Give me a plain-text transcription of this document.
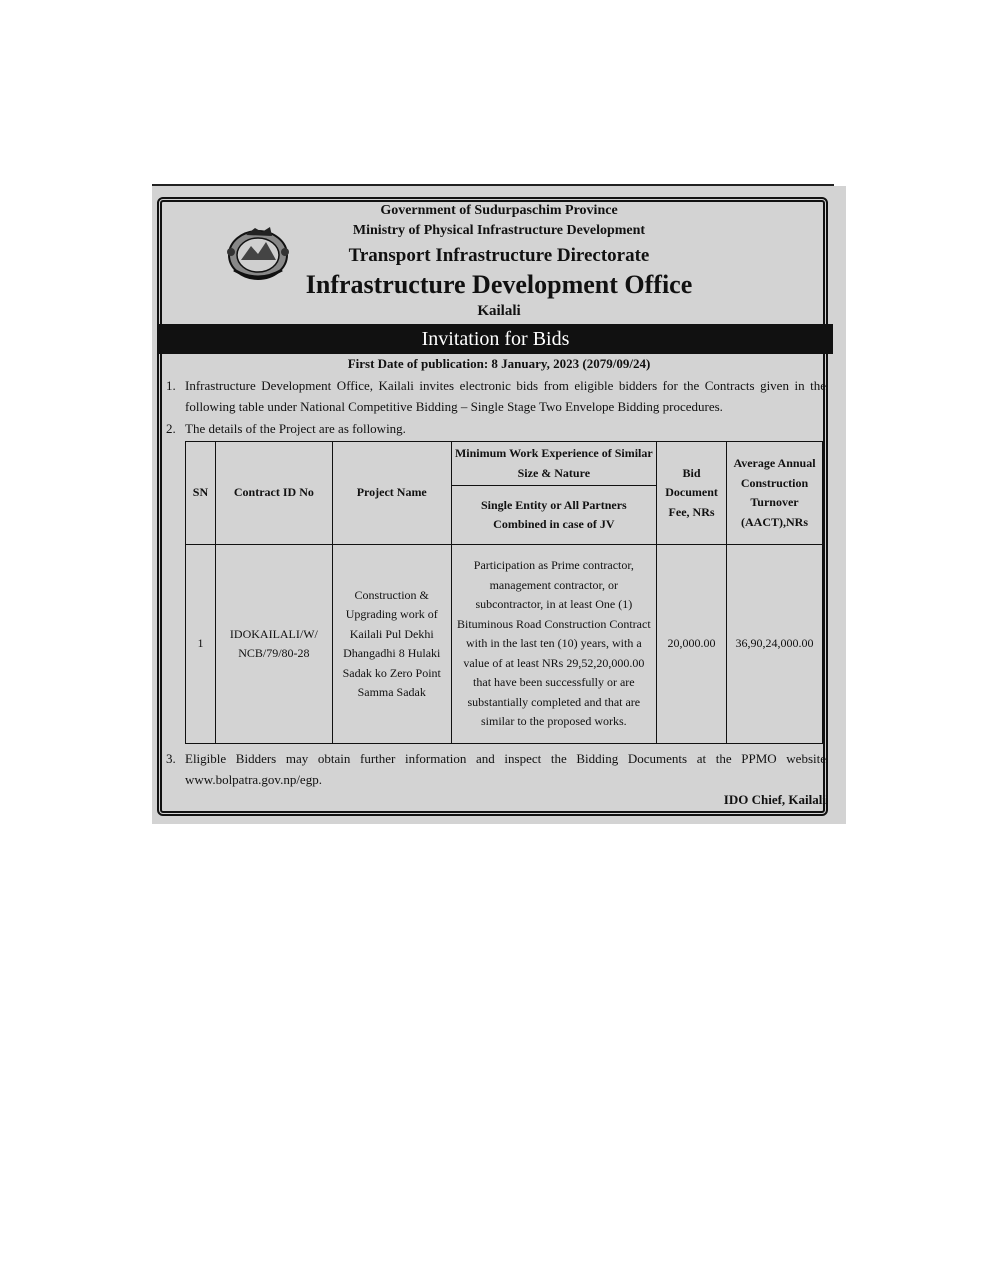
Government of Sudurpaschim Province
Ministry of Physical Infrastructure Development
Transport Infrastructure Directorate
Infrastructure Development Office
Kailali
Invitation for Bids
First Date of publication: 8 January, 2023 (2079/09/24)
1. Infrastructure Development Office, Kailali invites electronic bids from eligible bidders for the Contracts given in the following table under National Competitive Bidding – Single Stage Two Envelope Bidding procedures.
2. The details of the Project are as following.
SN	Contract ID No	Project Name	Minimum Work Experience of Similar Size & Nature	Bid Document Fee, NRs	Average Annual Construction Turnover (AACT),NRs
			Single Entity or All Partners Combined in case of JV		
1	IDOKAILALI/W/ NCB/79/80-28	Construction & Upgrading work of Kailali Pul Dekhi Dhangadhi 8 Hulaki Sadak ko Zero Point Samma Sadak	Participation as Prime contractor, management contractor, or subcontractor, in at least One (1) Bituminous Road Construction Contract with in the last ten (10) years, with a value of at least NRs 29,52,20,000.00 that have been successfully or are substantially completed and that are similar to the proposed works.	20,000.00	36,90,24,000.00
3. Eligible Bidders may obtain further information and inspect the Bidding Documents at the PPMO website www.bolpatra.gov.np/egp.
IDO Chief, Kailali
